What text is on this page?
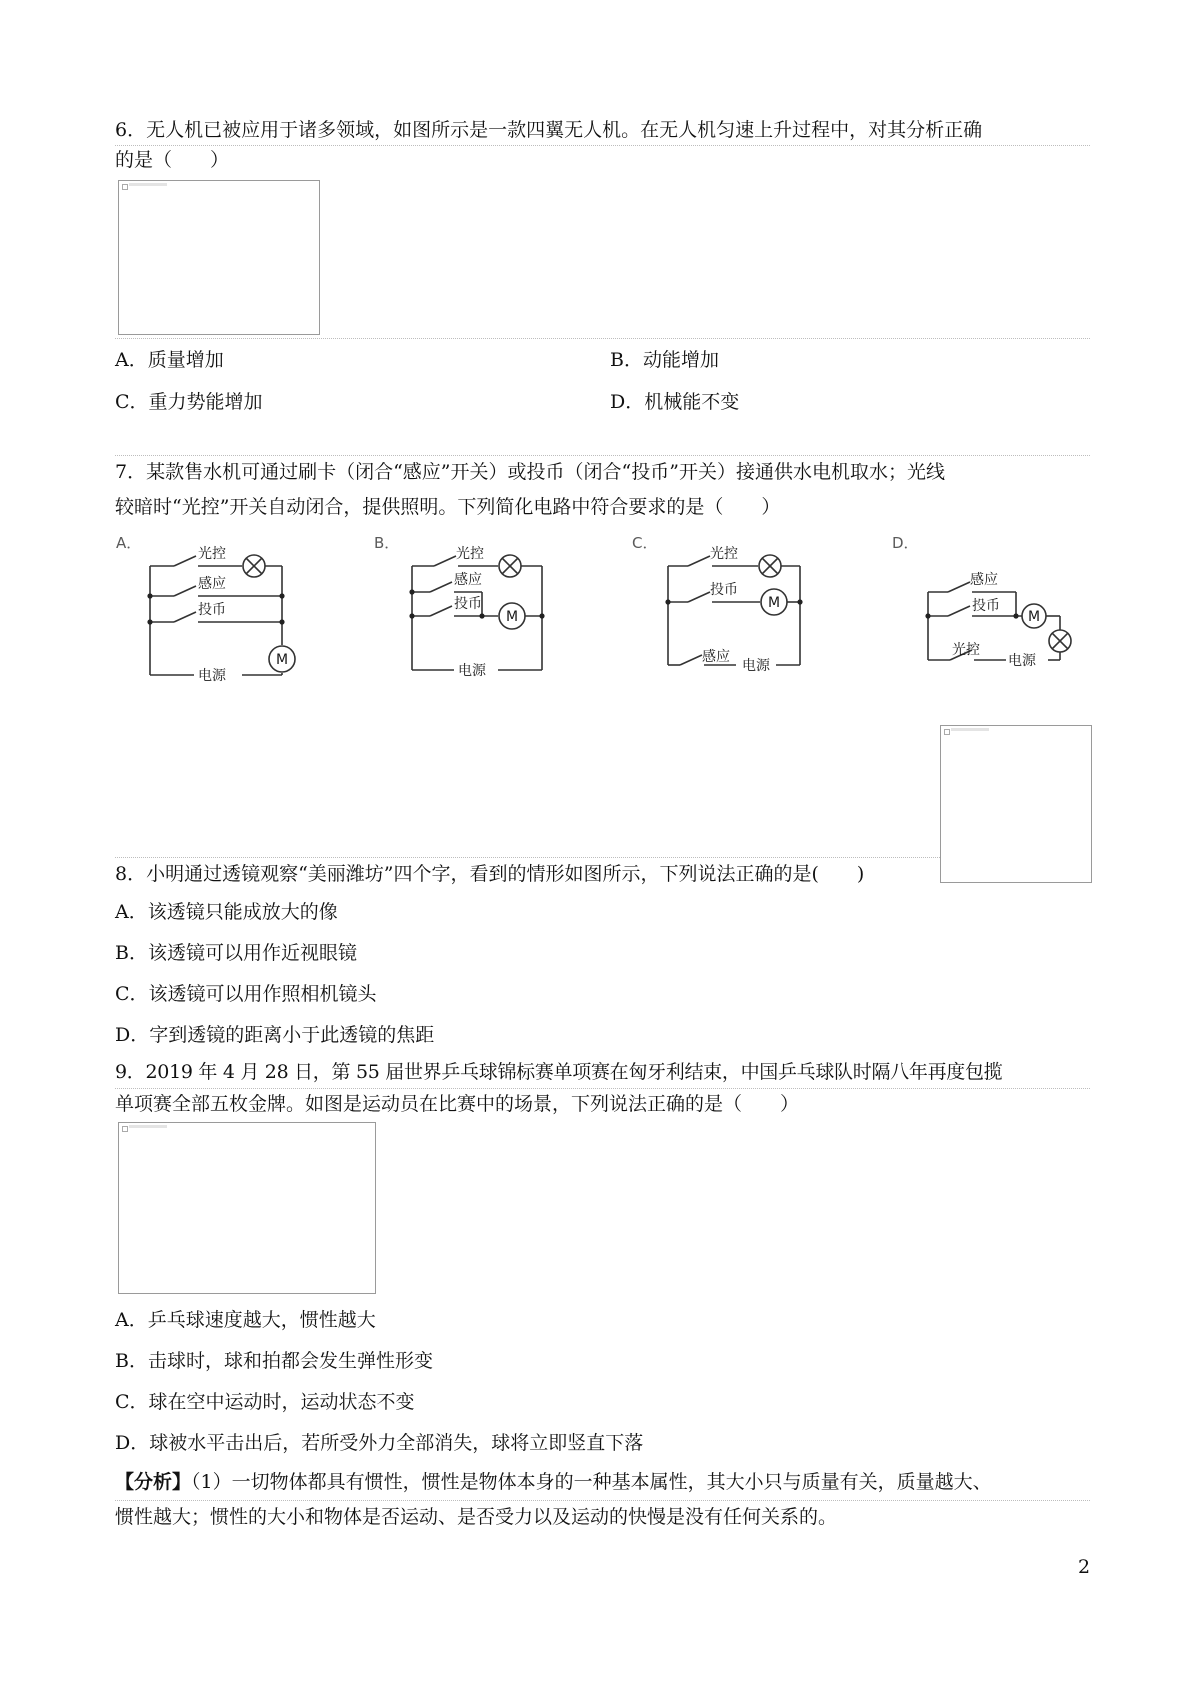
6．无人机已被应用于诸多领域，如图所示是一款四翼无人机。在无人机匀速上升过程中，对其分析正确
的是（　　）
A．质量增加	B．动能增加
C．重力势能增加	D．机械能不变
7．某款售水机可通过刷卡（闭合“感应”开关）或投币（闭合“投币”开关）接通供水电机取水；光线
较暗时“光控”开关自动闭合，提供照明。下列简化电路中符合要求的是（　　）
A．
光控
感应
投币
M
电源
B．
光控
感应
投币
M
电源
C．
光控
投币
M
感应
电源
D．
感应
投币
M
光控
电源
8．小明通过透镜观察“美丽潍坊”四个字，看到的情形如图所示，下列说法正确的是(　　)
A．该透镜只能成放大的像
B．该透镜可以用作近视眼镜
C．该透镜可以用作照相机镜头
D．字到透镜的距离小于此透镜的焦距
9．2019 年 4 月 28 日，第 55 届世界乒乓球锦标赛单项赛在匈牙利结束，中国乒乓球队时隔八年再度包揽
单项赛全部五枚金牌。如图是运动员在比赛中的场景，下列说法正确的是（　　）
A．乒乓球速度越大，惯性越大
B．击球时，球和拍都会发生弹性形变
C．球在空中运动时，运动状态不变
D．球被水平击出后，若所受外力全部消失，球将立即竖直下落
【分析】（1）一切物体都具有惯性，惯性是物体本身的一种基本属性，其大小只与质量有关，质量越大、
惯性越大；惯性的大小和物体是否运动、是否受力以及运动的快慢是没有任何关系的。
2
